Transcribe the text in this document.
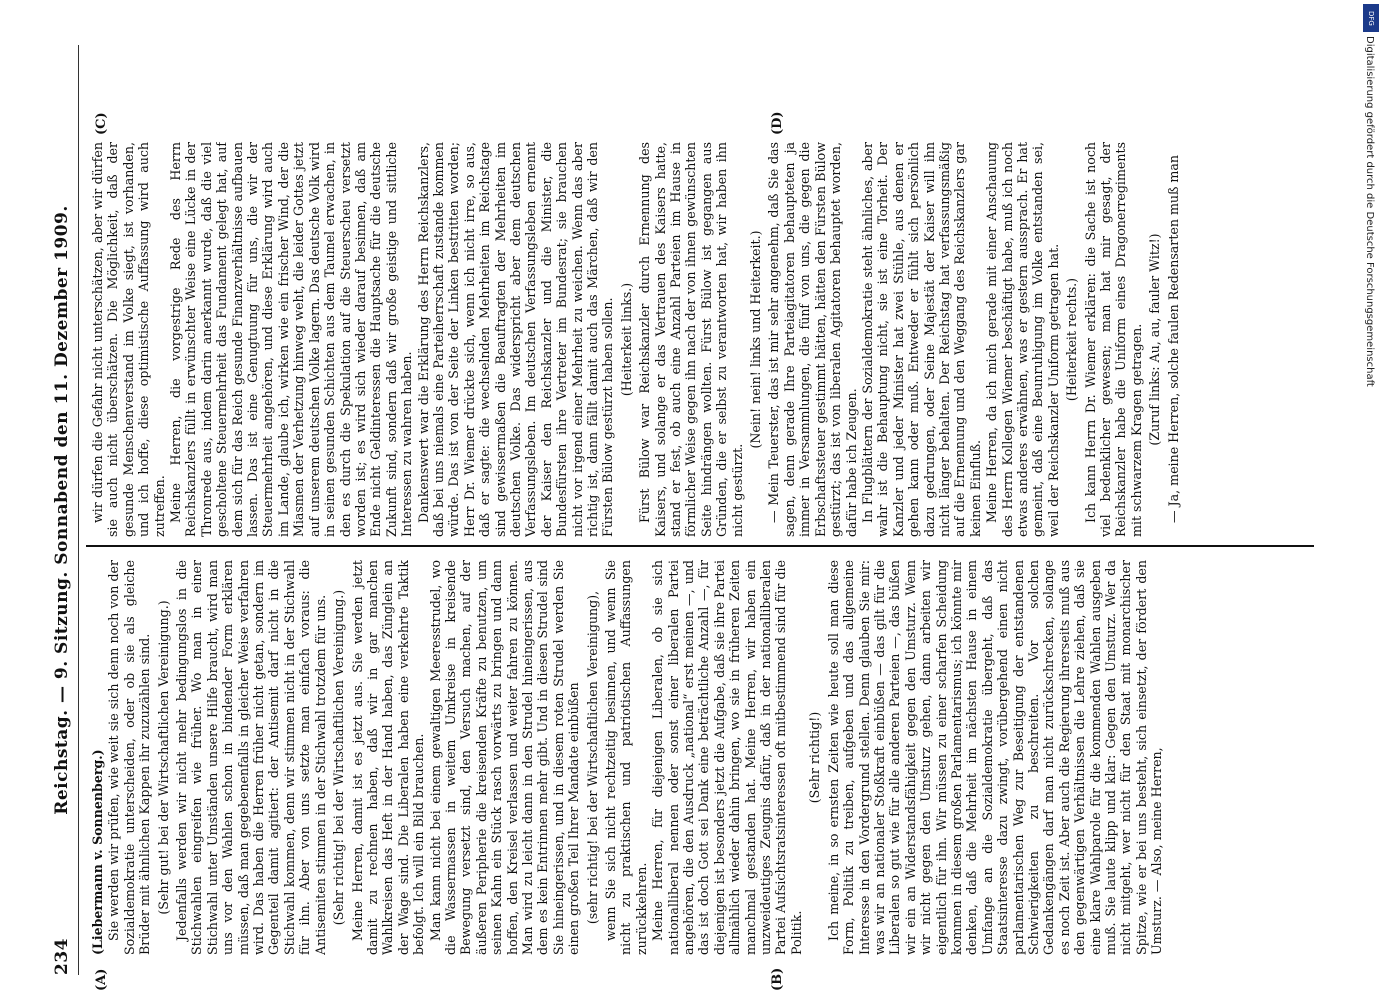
234
Reichstag. — 9. Sitzung. Sonnabend den 11. Dezember 1909.
(A)	(B)
(C)	(D)

(Liebermann v. Sonnenberg.) Sie werden wir prüfen, wie weit sie sich denn noch von der Sozialdemokratie unterscheiden, oder ob sie als gleiche Brüder mit ähnlichen Kappen ihr zuzuzählen sind. (Sehr gut! bei der Wirtschaftlichen Vereinigung.) Jedenfalls werden wir nicht mehr bedingungslos in die Stichwahlen eingreifen wie früher. Wo man in einer Stichwahl unter Umständen unsere Hilfe braucht, wird man uns vor den Wahlen schon in bindender Form erklären müssen, daß man gegebenenfalls in gleicher Weise verfahren wird. Das haben die Herren früher nicht getan, sondern im Gegenteil damit agitiert: der Antisemit darf nicht in die Stichwahl kommen, denn wir stimmen nicht in der Stichwahl für ihn. Aber von uns setzte man einfach voraus: die Antisemiten stimmen in der Stichwahl trotzdem für uns. (Sehr richtig! bei der Wirtschaftlichen Vereinigung.) Meine Herren, damit ist es jetzt aus. Sie werden jetzt damit zu rechnen haben, daß wir in gar manchen Wahlkreisen das Heft in der Hand haben, das Zünglein an der Wage sind. Die Liberalen haben eine verkehrte Taktik befolgt. Ich will ein Bild brauchen. Man kann nicht bei einem gewaltigen Meeresstrudel, wo die Wassermassen in weitem Umkreise in kreisende Bewegung versetzt sind, den Versuch machen, auf der äußeren Peripherie die kreisenden Kräfte zu benutzen, um seinen Kahn ein Stück rasch vorwärts zu bringen und dann hoffen, den Kreisel verlassen und weiter fahren zu können. Man wird zu leicht dann in den Strudel hineingerissen, aus dem es kein Entrinnen mehr gibt. Und in diesen Strudel sind Sie hineingerissen, und in diesem roten Strudel werden Sie einen großen Teil Ihrer Mandate einbüßen (sehr richtig! bei der Wirtschaftlichen Vereinigung), wenn Sie sich nicht rechtzeitig besinnen, und wenn Sie nicht zu praktischen und patriotischen Auffassungen zurückkehren. Meine Herren, für diejenigen Liberalen, ob sie sich nationalliberal nennen oder sonst einer liberalen Partei angehören, die den Ausdruck „national“ erst meinen —, und das ist doch Gott sei Dank eine beträchtliche Anzahl —, für diejenigen ist besonders jetzt die Aufgabe, daß sie ihre Partei allmählich wieder dahin bringen, wo sie in früheren Zeiten manchmal gestanden hat. Meine Herren, wir haben ein unzweideutiges Zeugnis dafür, daß in der nationalliberalen Partei Aufsichtsratsinteressen oft mitbestimmend sind für die Politik.

(Sehr richtig!) Ich meine, in so ernsten Zeiten wie heute soll man diese Form, Politik zu treiben, aufgeben und das allgemeine Interesse in den Vordergrund stellen. Denn glauben Sie mir: was wir an nationaler Stoßkraft einbüßen — das gilt für die Liberalen so gut wie für alle anderen Parteien —, das büßen wir ein an Widerstandsfähigkeit gegen den Umsturz. Wenn wir nicht gegen den Umsturz gehen, dann arbeiten wir eigentlich für ihn. Wir müssen zu einer scharfen Scheidung kommen in diesem großen Parlamentarismus; ich könnte mir denken, daß die Mehrheit im nächsten Hause in einem Umfange an die Sozialdemokratie übergeht, daß das Staatsinteresse dazu zwingt, vorübergehend einen nicht parlamentarischen Weg zur Beseitigung der entstandenen Schwierigkeiten zu beschreiten. Vor solchen Gedankengängen darf man nicht zurückschrecken, solange es noch Zeit ist. Aber auch die Regierung ihrerseits muß aus den gegenwärtigen Verhältnissen die Lehre ziehen, daß sie eine klare Wahlparole für die kommenden Wahlen ausgeben muß. Sie laute klipp und klar: Gegen den Umsturz. Wer da nicht mitgeht, wer nicht für den Staat mit monarchischer Spitze, wie er bei uns besteht, sich einsetzt, der fördert den Umsturz. — Also, meine Herren,

wir dürfen die Gefahr nicht unterschätzen, aber wir dürfen sie auch nicht überschätzen. Die Möglichkeit, daß der gesunde Menschenverstand im Volke siegt, ist vorhanden, und ich hoffe, diese optimistische Auffassung wird auch zutreffen. Meine Herren, die vorgestrige Rede des Herrn Reichskanzlers füllt in erwünschter Weise eine Lücke in der Thronrede aus, indem darin anerkannt wurde, daß die viel gescholtene Steuermehrheit das Fundament gelegt hat, auf dem sich für das Reich gesunde Finanzverhältnisse aufbauen lassen. Das ist eine Genugtuung für uns, die wir der Steuermehrheit angehören, und diese Erklärung wird auch im Lande, glaube ich, wirken wie ein frischer Wind, der die Miasmen der Verhetzung hinweg weht, die leider Gottes jetzt auf unserem deutschen Volke lagern. Das deutsche Volk wird in seinen gesunden Schichten aus dem Taumel erwachen, in den es durch die Spekulation auf die Steuerscheu versetzt worden ist; es wird sich wieder darauf besinnen, daß am Ende nicht Geldinteressen die Hauptsache für die deutsche Zukunft sind, sondern daß wir große geistige und sittliche Interessen zu wahren haben. Dankenswert war die Erklärung des Herrn Reichskanzlers, daß bei uns niemals eine Parteiherrschaft zustande kommen würde. Das ist von der Seite der Linken bestritten worden; Herr Dr. Wiemer drückte sich, wenn ich nicht irre, so aus, daß er sagte: die wechselnden Mehrheiten im Reichstage sind gewissermaßen die Beauftragten der Mehrheiten im deutschen Volke. Das widerspricht aber dem deutschen Verfassungsleben. Im deutschen Verfassungsleben ernennt der Kaiser den Reichskanzler und die Minister, die Bundesfürsten ihre Vertreter im Bundesrat; sie brauchen nicht vor irgend einer Mehrheit zu weichen. Wenn das aber richtig ist, dann fällt damit auch das Märchen, daß wir den Fürsten Bülow gestürzt haben sollen. (Heiterkeit links.) Fürst Bülow war Reichskanzler durch Ernennung des Kaisers, und solange er das Vertrauen des Kaisers hatte, stand er fest, ob auch eine Anzahl Parteien im Hause in förmlicher Weise gegen ihn nach der von ihnen gewünschten Seite hindrängen wollten. Fürst Bülow ist gegangen aus Gründen, die er selbst zu verantworten hat, wir haben ihn nicht gestürzt.

(Nein! nein! links und Heiterkeit.) — Mein Teuerster, das ist mir sehr angenehm, daß Sie das sagen, denn gerade Ihre Parteiagitatoren behaupteten ja immer in Versammlungen, die fünf von uns, die gegen die Erbschaftssteuer gestimmt hätten, hätten den Fürsten Bülow gestürzt; das ist von liberalen Agitatoren behauptet worden, dafür habe ich Zeugen. In Flugblättern der Sozialdemokratie steht ähnliches, aber wahr ist die Behauptung nicht, sie ist eine Torheit. Der Kanzler und jeder Minister hat zwei Stühle, aus denen er gehen kann oder muß. Entweder er fühlt sich persönlich dazu gedrungen, oder Seine Majestät der Kaiser will ihn nicht länger behalten. Der Reichstag hat verfassungsmäßig auf die Ernennung und den Weggang des Reichskanzlers gar keinen Einfluß. Meine Herren, da ich mich gerade mit einer Anschauung des Herrn Kollegen Wiemer beschäftigt habe, muß ich noch etwas anderes erwähnen, was er gestern aussprach. Er hat gemeint, daß eine Beunruhigung im Volke entstanden sei, weil der Reichskanzler Uniform getragen hat. (Heiterkeit rechts.) Ich kann Herrn Dr. Wiemer erklären: die Sache ist noch viel bedenklicher gewesen; man hat mir gesagt, der Reichskanzler habe die Uniform eines Dragonerregiments mit schwarzem Kragen getragen. (Zuruf links: Au, au, fauler Witz!) — Ja, meine Herren, solche faulen Redensarten muß man

DFG
Digitalisierung gefördert durch die Deutsche Forschungsgemeinschaft
